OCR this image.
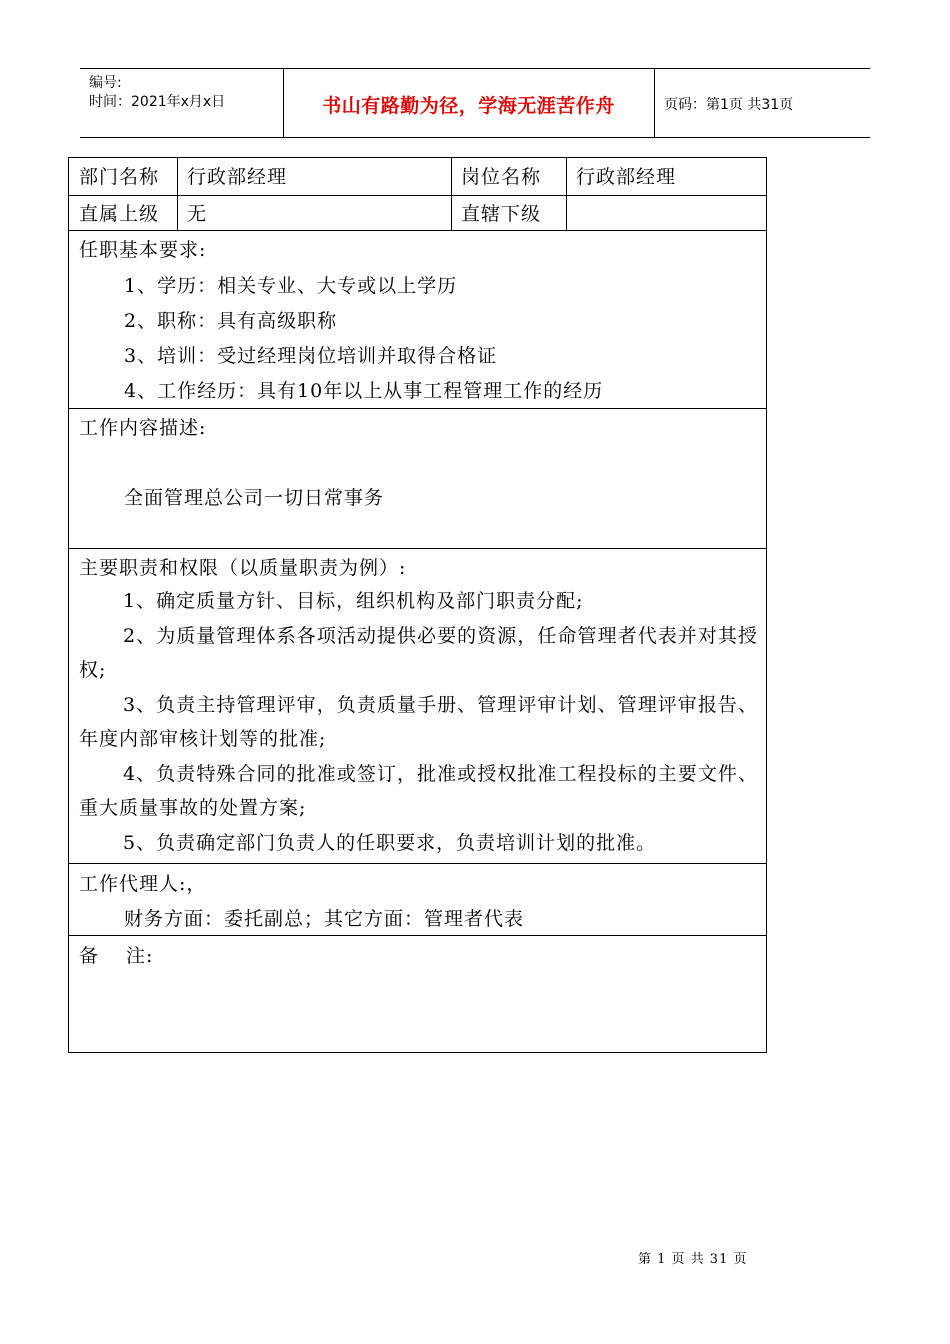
编号:
时间：2021年x月x日	书山有路勤为径，学海无涯苦作舟	页码：第1页 共31页
部门名称 行政部经理	岗位名称 行政部经理
直属上级 无	直辖下级
任职基本要求:
1、学历：相关专业、大专或以上学历
2、职称：具有高级职称
3、培训：受过经理岗位培训并取得合格证
4、工作经历：具有10年以上从事工程管理工作的经历
工作内容描述:
全面管理总公司一切日常事务
主要职责和权限（以质量职责为例）:
1、确定质量方针、目标，组织机构及部门职责分配;
2、为质量管理体系各项活动提供必要的资源，任命管理者代表并对其授权;
3、负责主持管理评审，负责质量手册、管理评审计划、管理评审报告、年度内部审核计划等的批准;
4、负责特殊合同的批准或签订，批准或授权批准工程投标的主要文件、重大质量事故的处置方案;
5、负责确定部门负责人的任职要求，负责培训计划的批准。
工作代理人:，
财务方面：委托副总；其它方面：管理者代表
备　 注:
第 1 页 共 31 页
